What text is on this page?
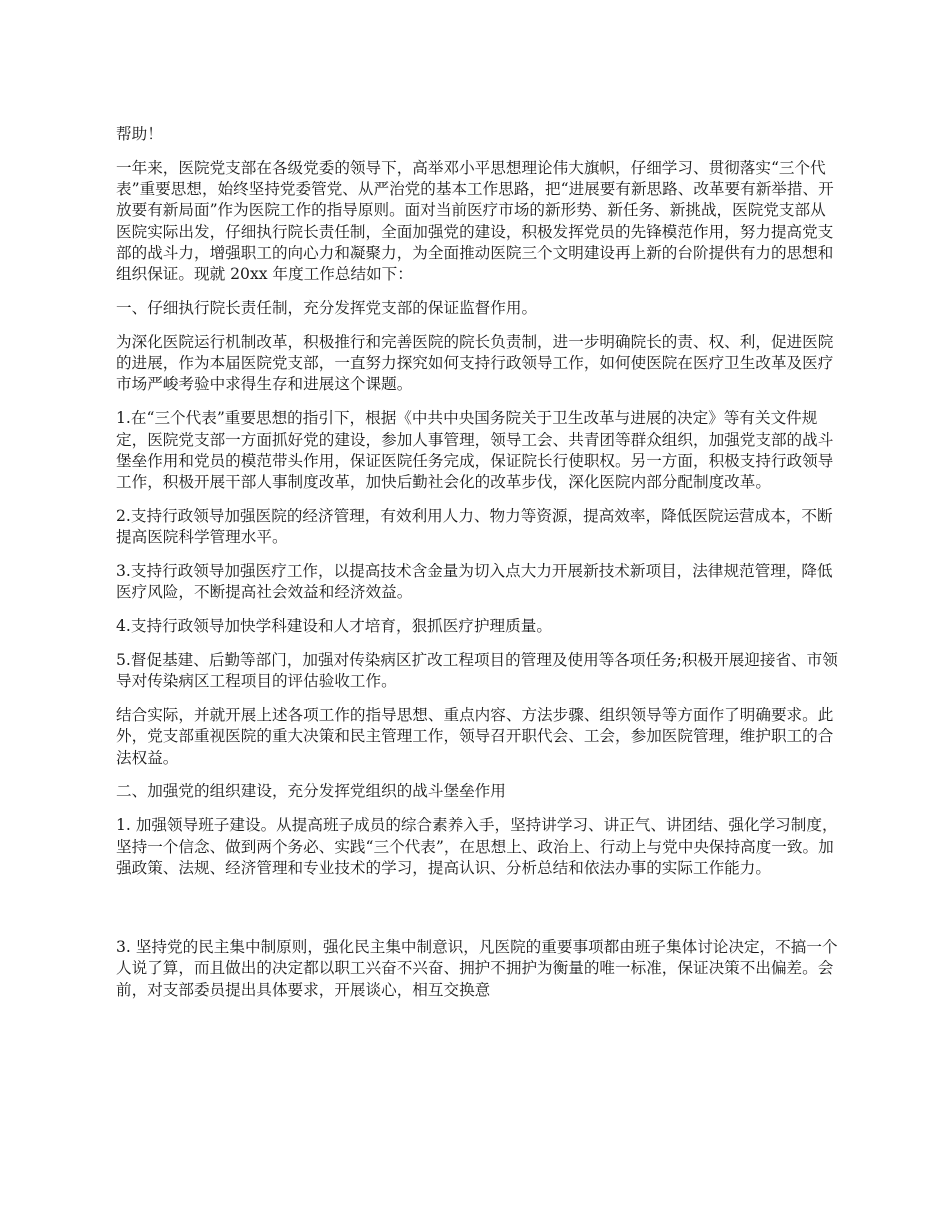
帮助！

一年来，医院党支部在各级党委的领导下，高举邓小平思想理论伟大旗帜，仔细学习、贯彻落实“三个代表”重要思想，始终坚持党委管党、从严治党的基本工作思路，把“进展要有新思路、改革要有新举措、开放要有新局面”作为医院工作的指导原则。面对当前医疗市场的新形势、新任务、新挑战，医院党支部从医院实际出发，仔细执行院长责任制，全面加强党的建设，积极发挥党员的先锋模范作用，努力提高党支部的战斗力，增强职工的向心力和凝聚力，为全面推动医院三个文明建设再上新的台阶提供有力的思想和组织保证。现就 20xx 年度工作总结如下：

一、仔细执行院长责任制，充分发挥党支部的保证监督作用。

为深化医院运行机制改革，积极推行和完善医院的院长负责制，进一步明确院长的责、权、利，促进医院的进展，作为本届医院党支部，一直努力探究如何支持行政领导工作，如何使医院在医疗卫生改革及医疗市场严峻考验中求得生存和进展这个课题。

1.在“三个代表”重要思想的指引下，根据《中共中央国务院关于卫生改革与进展的决定》等有关文件规定，医院党支部一方面抓好党的建设，参加人事管理，领导工会、共青团等群众组织，加强党支部的战斗堡垒作用和党员的模范带头作用，保证医院任务完成，保证院长行使职权。另一方面，积极支持行政领导工作，积极开展干部人事制度改革，加快后勤社会化的改革步伐，深化医院内部分配制度改革。

2.支持行政领导加强医院的经济管理，有效利用人力、物力等资源，提高效率，降低医院运营成本，不断提高医院科学管理水平。

3.支持行政领导加强医疗工作，以提高技术含金量为切入点大力开展新技术新项目，法律规范管理，降低医疗风险，不断提高社会效益和经济效益。

4.支持行政领导加快学科建设和人才培育，狠抓医疗护理质量。

5.督促基建、后勤等部门，加强对传染病区扩改工程项目的管理及使用等各项任务;积极开展迎接省、市领导对传染病区工程项目的评估验收工作。

结合实际，并就开展上述各项工作的指导思想、重点内容、方法步骤、组织领导等方面作了明确要求。此外，党支部重视医院的重大决策和民主管理工作，领导召开职代会、工会，参加医院管理，维护职工的合法权益。

二、加强党的组织建设，充分发挥党组织的战斗堡垒作用

1. 加强领导班子建设。从提高班子成员的综合素养入手，坚持讲学习、讲正气、讲团结、强化学习制度，坚持一个信念、做到两个务必、实践“三个代表”，在思想上、政治上、行动上与党中央保持高度一致。加强政策、法规、经济管理和专业技术的学习，提高认识、分析总结和依法办事的实际工作能力。

3. 坚持党的民主集中制原则，强化民主集中制意识，凡医院的重要事项都由班子集体讨论决定，不搞一个人说了算，而且做出的决定都以职工兴奋不兴奋、拥护不拥护为衡量的唯一标准，保证决策不出偏差。会前，对支部委员提出具体要求，开展谈心，相互交换意
